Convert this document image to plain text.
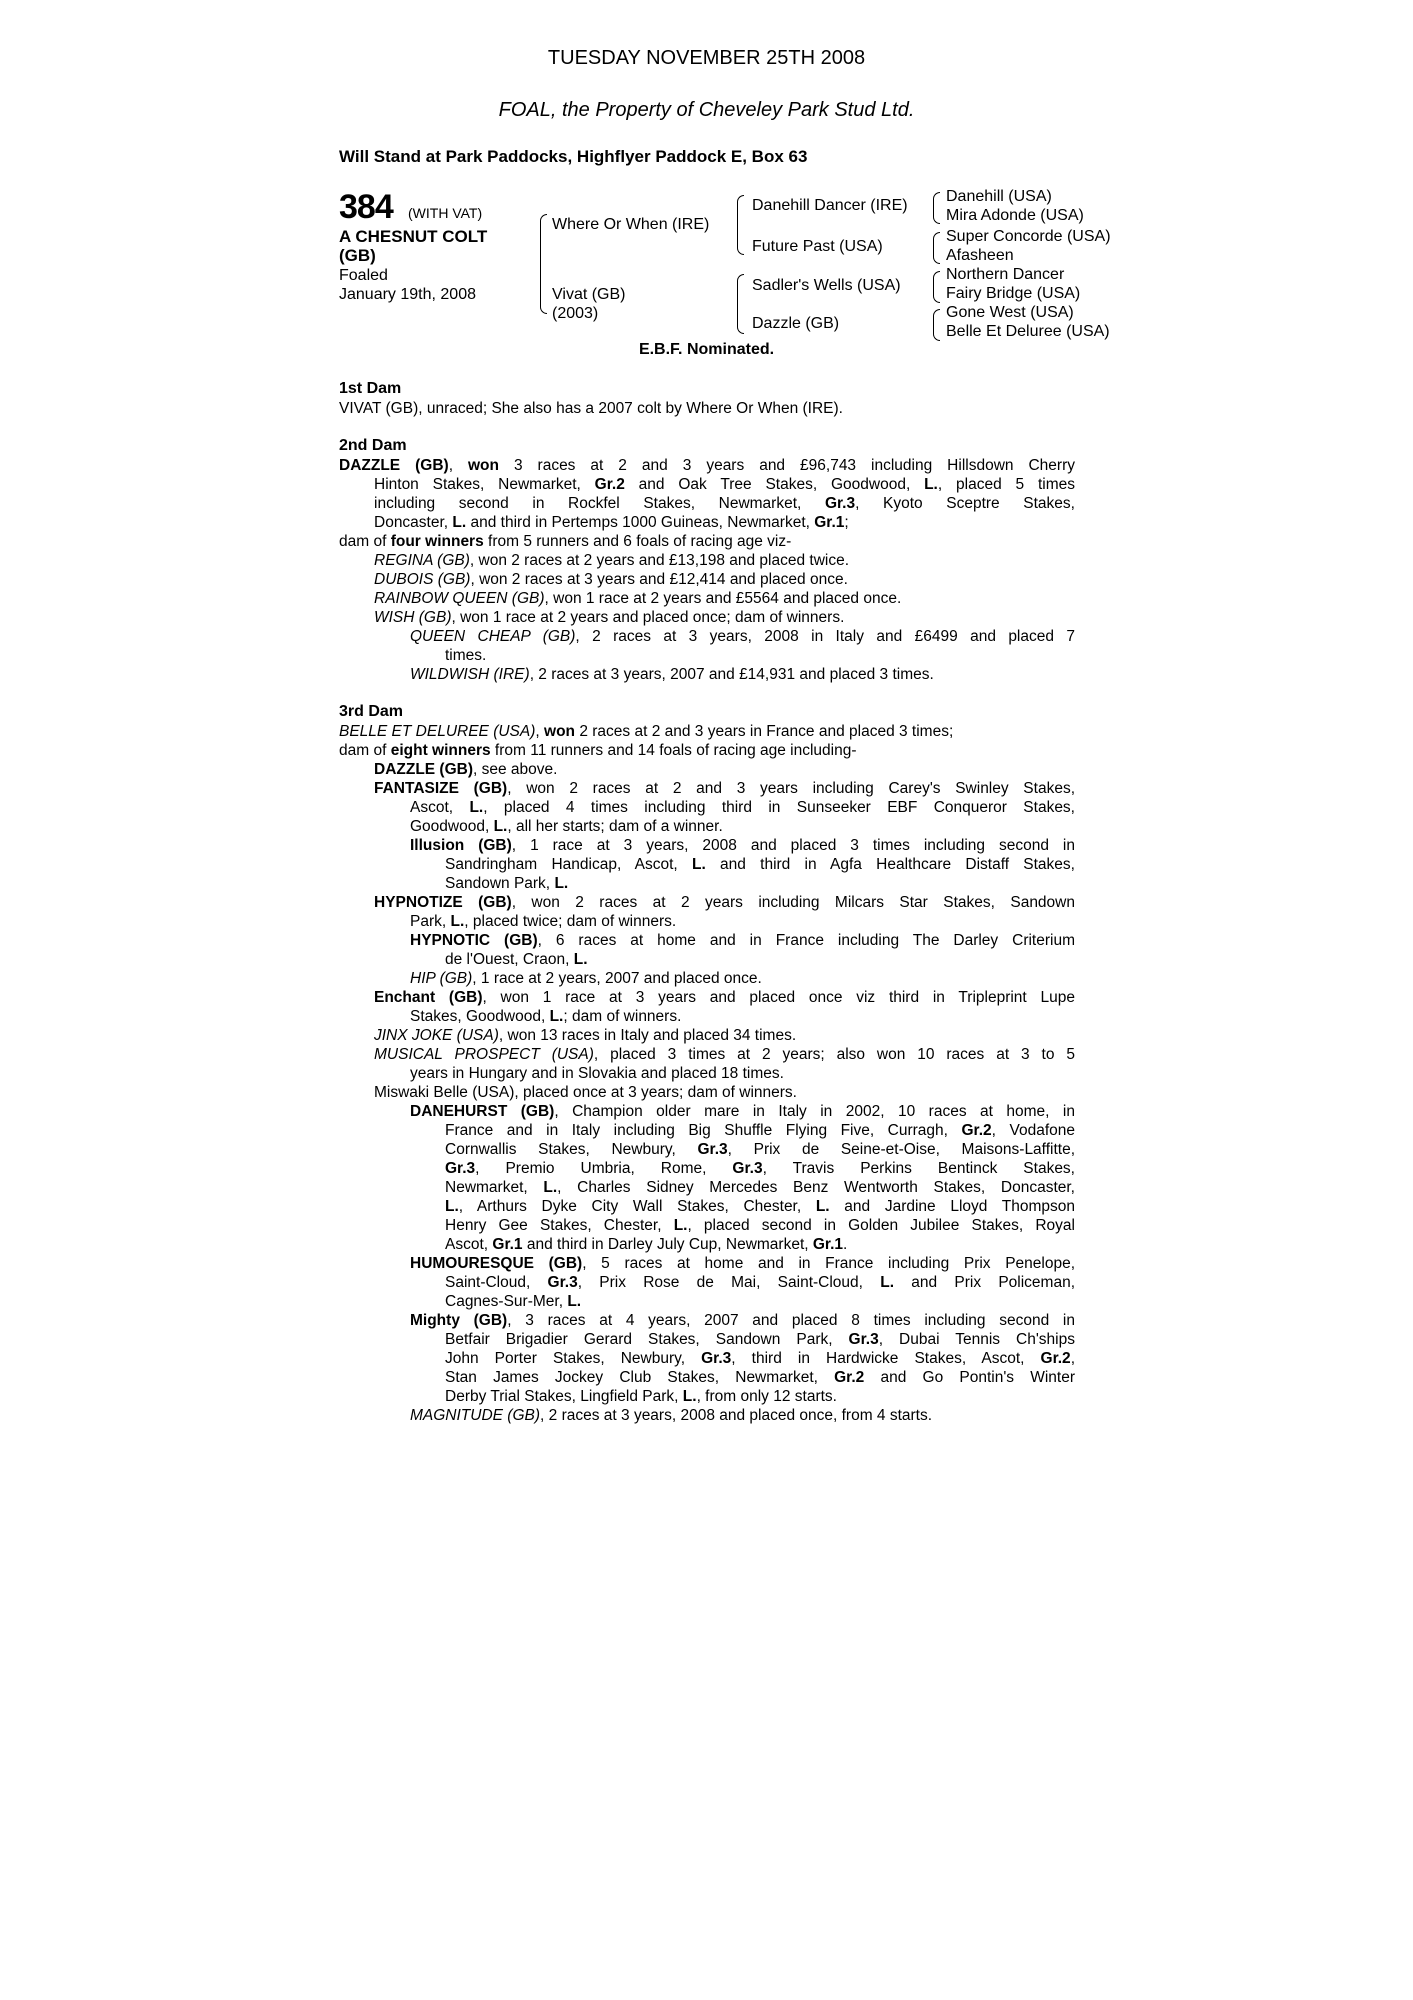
TUESDAY NOVEMBER 25TH 2008
FOAL, the Property of Cheveley Park Stud Ltd.
Will Stand at Park Paddocks, Highflyer Paddock E, Box 63
384 (WITH VAT)
A CHESNUT COLT
(GB)
Foaled
January 19th, 2008
Where Or When (IRE)
Vivat (GB)
(2003)
Danehill Dancer (IRE)
Future Past (USA)
Sadler's Wells (USA)
Dazzle (GB)
Danehill (USA)
Mira Adonde (USA)
Super Concorde (USA)
Afasheen
Northern Dancer
Fairy Bridge (USA)
Gone West (USA)
Belle Et Deluree (USA)
E.B.F. Nominated.
1st Dam
VIVAT (GB), unraced; She also has a 2007 colt by Where Or When (IRE).
2nd Dam
DAZZLE (GB), won 3 races at 2 and 3 years and £96,743 including Hillsdown Cherry
Hinton Stakes, Newmarket, Gr.2 and Oak Tree Stakes, Goodwood, L., placed 5 times
including second in Rockfel Stakes, Newmarket, Gr.3, Kyoto Sceptre Stakes,
Doncaster, L. and third in Pertemps 1000 Guineas, Newmarket, Gr.1;
dam of four winners from 5 runners and 6 foals of racing age viz-
REGINA (GB), won 2 races at 2 years and £13,198 and placed twice.
DUBOIS (GB), won 2 races at 3 years and £12,414 and placed once.
RAINBOW QUEEN (GB), won 1 race at 2 years and £5564 and placed once.
WISH (GB), won 1 race at 2 years and placed once; dam of winners.
QUEEN CHEAP (GB), 2 races at 3 years, 2008 in Italy and £6499 and placed 7
times.
WILDWISH (IRE), 2 races at 3 years, 2007 and £14,931 and placed 3 times.
3rd Dam
BELLE ET DELUREE (USA), won 2 races at 2 and 3 years in France and placed 3 times;
dam of eight winners from 11 runners and 14 foals of racing age including-
DAZZLE (GB), see above.
FANTASIZE (GB), won 2 races at 2 and 3 years including Carey's Swinley Stakes,
Ascot, L., placed 4 times including third in Sunseeker EBF Conqueror Stakes,
Goodwood, L., all her starts; dam of a winner.
Illusion (GB), 1 race at 3 years, 2008 and placed 3 times including second in
Sandringham Handicap, Ascot, L. and third in Agfa Healthcare Distaff Stakes,
Sandown Park, L.
HYPNOTIZE (GB), won 2 races at 2 years including Milcars Star Stakes, Sandown
Park, L., placed twice; dam of winners.
HYPNOTIC (GB), 6 races at home and in France including The Darley Criterium
de l'Ouest, Craon, L.
HIP (GB), 1 race at 2 years, 2007 and placed once.
Enchant (GB), won 1 race at 3 years and placed once viz third in Tripleprint Lupe
Stakes, Goodwood, L.; dam of winners.
JINX JOKE (USA), won 13 races in Italy and placed 34 times.
MUSICAL PROSPECT (USA), placed 3 times at 2 years; also won 10 races at 3 to 5
years in Hungary and in Slovakia and placed 18 times.
Miswaki Belle (USA), placed once at 3 years; dam of winners.
DANEHURST (GB), Champion older mare in Italy in 2002, 10 races at home, in
France and in Italy including Big Shuffle Flying Five, Curragh, Gr.2, Vodafone
Cornwallis Stakes, Newbury, Gr.3, Prix de Seine-et-Oise, Maisons-Laffitte,
Gr.3, Premio Umbria, Rome, Gr.3, Travis Perkins Bentinck Stakes,
Newmarket, L., Charles Sidney Mercedes Benz Wentworth Stakes, Doncaster,
L., Arthurs Dyke City Wall Stakes, Chester, L. and Jardine Lloyd Thompson
Henry Gee Stakes, Chester, L., placed second in Golden Jubilee Stakes, Royal
Ascot, Gr.1 and third in Darley July Cup, Newmarket, Gr.1.
HUMOURESQUE (GB), 5 races at home and in France including Prix Penelope,
Saint-Cloud, Gr.3, Prix Rose de Mai, Saint-Cloud, L. and Prix Policeman,
Cagnes-Sur-Mer, L.
Mighty (GB), 3 races at 4 years, 2007 and placed 8 times including second in
Betfair Brigadier Gerard Stakes, Sandown Park, Gr.3, Dubai Tennis Ch'ships
John Porter Stakes, Newbury, Gr.3, third in Hardwicke Stakes, Ascot, Gr.2,
Stan James Jockey Club Stakes, Newmarket, Gr.2 and Go Pontin's Winter
Derby Trial Stakes, Lingfield Park, L., from only 12 starts.
MAGNITUDE (GB), 2 races at 3 years, 2008 and placed once, from 4 starts.
